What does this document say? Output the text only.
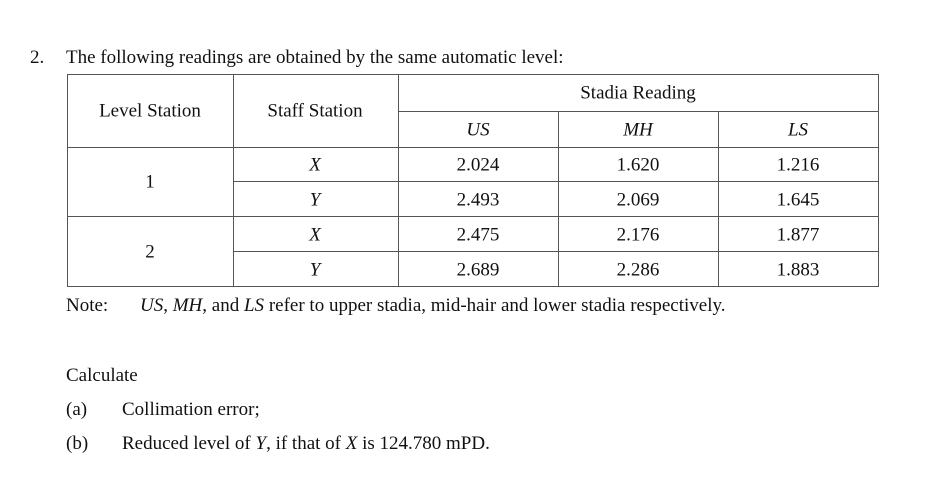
2. The following readings are obtained by the same automatic level:
Level Station	Staff Station
Stadia Reading
US	MH	LS
1
X	2.024	1.620	1.216
Y	2.493	2.069	1.645
2
X	2.475	2.176	1.877
Y	2.689	2.286	1.883
Note: US, MH, and LS refer to upper stadia, mid-hair and lower stadia respectively.
Calculate
(a) Collimation error;
(b) Reduced level of Y, if that of X is 124.780 mPD.
